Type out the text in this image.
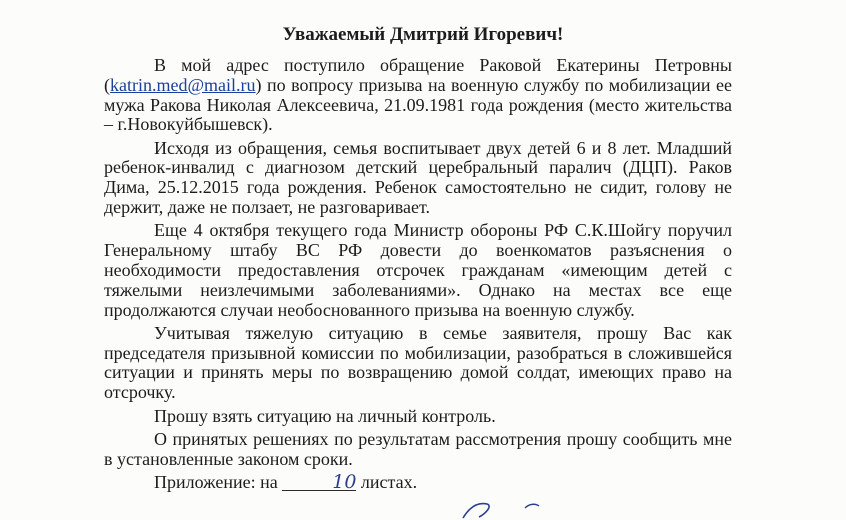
Уважаемый Дмитрий Игоревич!

В мой адрес поступило обращение Раковой Екатерины Петровны (katrin.med@mail.ru) по вопросу призыва на военную службу по мобилизации ее мужа Ракова Николая Алексеевича, 21.09.1981 года рождения (место жительства – г.Новокуйбышевск).

Исходя из обращения, семья воспитывает двух детей 6 и 8 лет. Младший ребенок-инвалид с диагнозом детский церебральный паралич (ДЦП). Раков Дима, 25.12.2015 года рождения. Ребенок самостоятельно не сидит, голову не держит, даже не ползает, не разговаривает.

Еще 4 октября текущего года Министр обороны РФ С.К.Шойгу поручил Генеральному штабу ВС РФ довести до военкоматов разъяснения о необходимости предоставления отсрочек гражданам «имеющим детей с тяжелыми неизлечимыми заболеваниями». Однако на местах все еще продолжаются случаи необоснованного призыва на военную службу.

Учитывая тяжелую ситуацию в семье заявителя, прошу Вас как председателя призывной комиссии по мобилизации, разобраться в сложившейся ситуации и принять меры по возвращению домой солдат, имеющих право на отсрочку.

Прошу взять ситуацию на личный контроль.

О принятых решениях по результатам рассмотрения прошу сообщить мне в установленные законом сроки.

Приложение: на	10 листах.
